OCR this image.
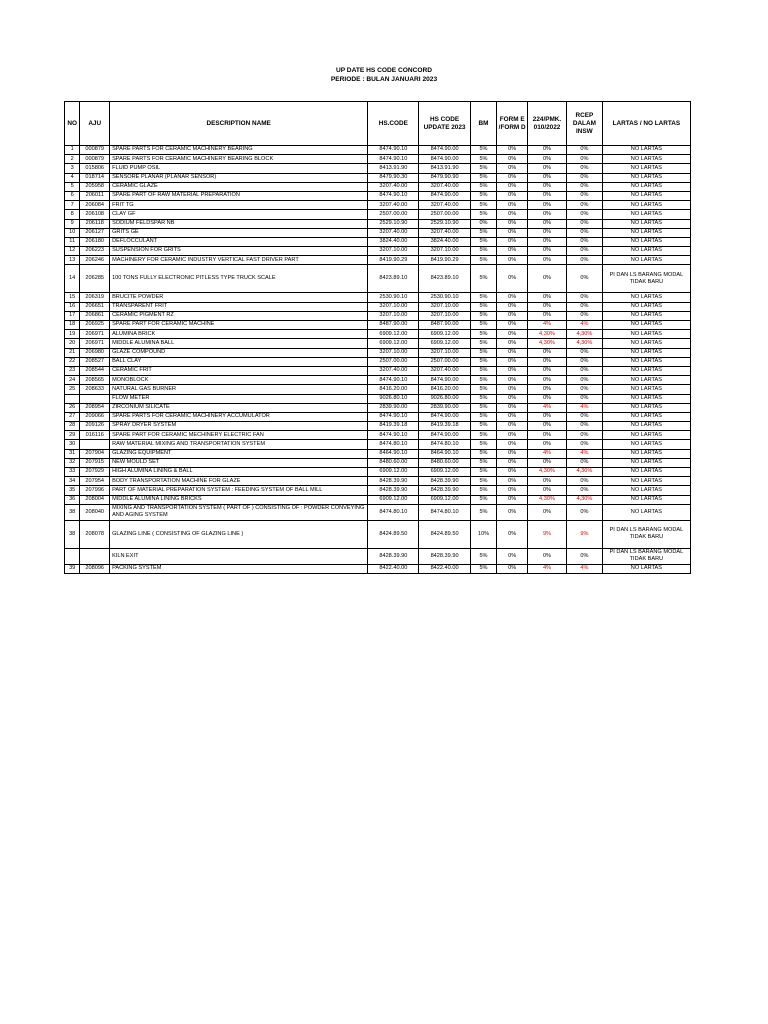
UP DATE HS CODE CONCORD
PERIODE : BULAN JANUARI 2023
NO	AJU	DESCRIPTION NAME	HS.CODE	HS CODE UPDATE 2023	BM	FORM E /FORM D	224/PMK. 010/2022	RCEP DALAM INSW	LARTAS / NO LARTAS
1	000879	SPARE PARTS FOR CERAMIC MACHINERY BEARING	8474.90.10	8474.90.00	5%	0%	0%	0%	NO LARTAS
2	000879	SPARE PARTS FOR CERAMIC MACHINERY BEARING BLOCK	8474.90.10	8474.90.00	5%	0%	0%	0%	NO LARTAS
3	015806	FLUID PUMP OSIL	8413.91.90	8413.91.90	5%	0%	0%	0%	NO LARTAS
4	018714	SENSORE PLANAR (PLANAR SENSOR)	8479.90.30	8479.90.90	5%	0%	0%	0%	NO LARTAS
5	205958	CERAMIC GLAZE	3207.40.00	3207.40.00	5%	0%	0%	0%	NO LARTAS
6	206011	SPARE PART OF RAW MATERIAL PREPARATION	8474.90.10	8474.90.00	5%	0%	0%	0%	NO LARTAS
7	206084	FRIT TG	3207.40.00	3207.40.00	5%	0%	0%	0%	NO LARTAS
8	206108	CLAY GF	2507.00.00	2507.00.00	5%	0%	0%	0%	NO LARTAS
9	206118	SODIUM FELDSPAR NB	2529.10.90	2529.10.90	0%	0%	0%	0%	NO LARTAS
10	206127	GRITS GE	3207.40.00	3207.40.00	5%	0%	0%	0%	NO LARTAS
11	206180	DEFLOCCULANT	3824.40.00	3824.40.00	5%	0%	0%	0%	NO LARTAS
12	206223	SUSPENSION FOR GRITS	3207.10.00	3207.10.00	5%	0%	0%	0%	NO LARTAS
13	206246	MACHINERY FOR CERAMIC INDUSTRY VERTICAL FAST DRIVER PART	8419.90.29	8419.90.29	5%	0%	0%	0%	NO LARTAS
14	206285	100 TONS FULLY ELECTRONIC PITLESS TYPE TRUCK SCALE	8423.89.10	8423.89.10	5%	0%	0%	0%	PI DAN LS BARANG MODAL TIDAK BARU
15	206319	BRUCITE POWDER	2530.90.10	2530.90.10	5%	0%	0%	0%	NO LARTAS
16	206651	TRANSPARENT FRIT	3207.10.00	3207.10.00	5%	0%	0%	0%	NO LARTAS
17	206861	CERAMIC PIGMENT RZ	3207.10.00	3207.10.00	5%	0%	0%	0%	NO LARTAS
18	206925	SPARE PART FOR CERAMIC MACHINE	8487.90.00	8487.90.00	5%	0%	4%	4%	NO LARTAS
19	206971	ALUMINA BRICK	6909.12.00	6909.12.00	5%	0%	4,30%	4,30%	NO LARTAS
20	206971	MIDDLE ALUMINA BALL	6909.12.00	6909.12.00	5%	0%	4,30%	4,30%	NO LARTAS
21	206980	GLAZE COMPOUND	3207.10.00	3207.10.00	5%	0%	0%	0%	NO LARTAS
22	208527	BALL CLAY	2507.00.00	2507.00.00	5%	0%	0%	0%	NO LARTAS
23	208544	CERAMIC FRIT	3207.40.00	3207.40.00	5%	0%	0%	0%	NO LARTAS
24	208565	MONOBLOCK	8474.90.10	8474.90.00	5%	0%	0%	0%	NO LARTAS
25	208633	NATURAL GAS BURNER	8416.20.00	8416.20.00	5%	0%	0%	0%	NO LARTAS
		FLOW METER	9026.80.10	9026.80.00	5%	0%	0%	0%	NO LARTAS
26	208954	ZIRCONIUM SILICATE	2839.90.00	2839.90.00	5%	0%	4%	4%	NO LARTAS
27	209066	SPARE PARTS FOR CERAMIC MACHINERY ACCUMULATOR	8474.90.10	8474.90.00	5%	0%	0%	0%	NO LARTAS
28	209126	SPRAY DRYER SYSTEM	8419.39.18	8419.39.18	5%	0%	0%	0%	NO LARTAS
29	016116	SPARE PART FOR CERAMIC MECHINERY ELECTRIC FAN	8474.90.10	8474.90.00	5%	0%	0%	0%	NO LARTAS
30		RAW MATERIAL MIXING AND TRANSPORTATION SYSTEM	8474.80.10	8474.80.10	5%	0%	0%	0%	NO LARTAS
31	207904	GLAZING EQUIPMENT	8464.90.10	8464.90.10	5%	0%	4%	4%	NO LARTAS
32	207915	NEW MOULD SET	8480.60.00	8480.60.00	5%	0%	0%	0%	NO LARTAS
33	207929	HIGH ALUMINA LINING & BALL	6909.12.00	6909.12.00	5%	0%	4,30%	4,30%	NO LARTAS
34	207954	BODY TRANSPORTATION MACHINE FOR GLAZE	8428.39.90	8428.39.90	5%	0%	0%	0%	NO LARTAS
35	207996	PART OF MATERIAL PREPARATION SYSTEM : FEEDING SYSTEM OF BALL MILL	8428.39.90	8428.39.90	5%	0%	0%	0%	NO LARTAS
36	208004	MIDDLE ALUMINA LINING BRICKS	6909.12.00	6909.12.00	5%	0%	4,30%	4,30%	NO LARTAS
38	208040	MIXING AND TRANSPORTATION SYSTEM ( PART OF ) CONSISTING OF : POWDER CONVEYING AND AGING SYSTEM	8474.80.10	8474.80.10	5%	0%	0%	0%	NO LARTAS
38	208078	GLAZING LINE ( CONSISTING OF GLAZING LINE )	8424.89.50	8424.89.50	10%	0%	9%	9%	PI DAN LS BARANG MODAL TIDAK BARU
		KILN EXIT	8428.39.90	8428.39.90	5%	0%	0%	0%	PI DAN LS BARANG MODAL TIDAK BARU
39	208096	PACKING SYSTEM	8422.40.00	8422.40.00	5%	0%	4%	4%	NO LARTAS
